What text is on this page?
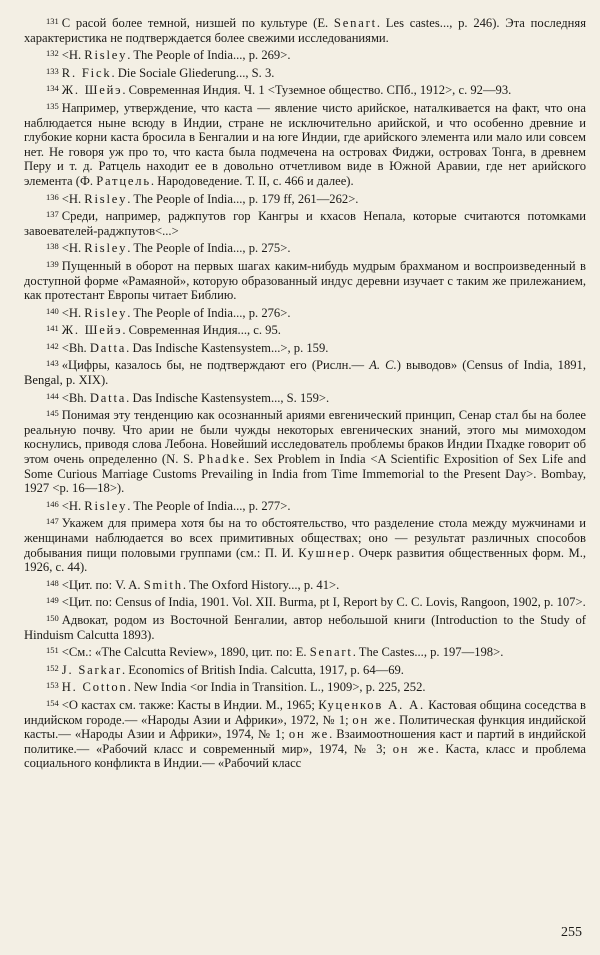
$^{131}$ С расой более темной, низшей по культуре (E. Senart. Les castes..., p. 246). Эта последняя характеристика не подтверждается более свежими исследованиями.

$^{132}$ <H. Risley. The People of India..., p. 269>.

$^{133}$ R. Fick. Die Sociale Gliederung..., S. 3.

$^{134}$ Ж. Шейэ. Современная Индия. Ч. 1 <Туземное общество. СПб., 1912>, с. 92—93.

$^{135}$ Например, утверждение, что каста — явление чисто арийское, наталкивается на факт, что она наблюдается ныне всюду в Индии, стране не исключительно арийской, и что особенно древние и глубокие корни каста бросила в Бенгалии и на юге Индии, где арийского элемента или мало или совсем нет. Не говоря уж про то, что каста была подмечена на островах Фиджи, островах Тонга, в древнем Перу и т. д. Ратцель находит ее в довольно отчетливом виде в Южной Аравии, где нет арийского элемента (Ф. Ратцель. Народоведение. Т. II, с. 466 и далее).

$^{136}$ <H. Risley. The People of India..., p. 179 ff, 261—262>.

$^{137}$ Среди, например, раджпутов гор Кангры и кхасов Непала, которые считаются потомками завоевателей-раджпутов<...>

$^{138}$ <H. Risley. The People of India..., p. 275>.

$^{139}$ Пущенный в оборот на первых шагах каким-нибудь мудрым брахманом и воспроизведенный в доступной форме «Рамаяной», которую образованный индус деревни изучает с таким же прилежанием, как протестант Европы читает Библию.

$^{140}$ <H. Risley. The People of India..., p. 276>.

$^{141}$ Ж. Шейэ. Современная Индия..., с. 95.

$^{142}$ <Bh. Datta. Das Indische Kastensystem...>, p. 159.

$^{143}$ «Цифры, казалось бы, не подтверждают его (Рислн.— А. С.) выводов» (Census of India, 1891, Bengal, p. XIX).

$^{144}$ <Bh. Datta. Das Indische Kastensystem..., S. 159>.

$^{145}$ Понимая эту тенденцию как осознанный ариями евгенический принцип, Сенар стал бы на более реальную почву. Что арии не были чужды некоторых евгенических знаний, этого мы мимоходом коснулись, приводя слова Лебона. Новейший исследователь проблемы браков Индии Пхадке говорит об этом очень определенно (N. S. Phadke. Sex Problem in India <A Scientific Exposition of Sex Life and Some Curious Marriage Customs Prevailing in India from Time Immemorial to the Present Day>. Bombay, 1927 <p. 16—18>).

$^{146}$ <H. Risley. The People of India..., p. 277>.

$^{147}$ Укажем для примера хотя бы на то обстоятельство, что разделение стола между мужчинами и женщинами наблюдается во всех примитивных обществах; оно — результат различных способов добывания пищи половыми группами (см.: П. И. Кушнер. Очерк развития общественных форм. М., 1926, с. 44).

$^{148}$ <Цит. по: V. A. Smith. The Oxford History..., p. 41>.

$^{149}$ <Цит. по: Census of India, 1901. Vol. XII. Burma, pt I, Report by C. C. Lovis, Rangoon, 1902, p. 107>.

$^{150}$ Адвокат, родом из Восточной Бенгалии, автор небольшой книги (Introduction to the Study of Hinduism Calcutta 1893).

$^{151}$ <См.: «The Calcutta Review», 1890, цит. по: E. Senart. The Castes..., p. 197—198>.

$^{152}$ J. Sarkar. Economics of British India. Calcutta, 1917, p. 64—69.

$^{153}$ H. Cotton. New India <or India in Transition. L., 1909>, p. 225, 252.

$^{154}$ <О кастах см. также: Касты в Индии. М., 1965; Куценков А. А. Кастовая община соседства в индийском городе.— «Народы Азии и Африки», 1972, № 1; он же. Политическая функция индийской касты.— «Народы Азии и Африки», 1974, № 1; он же. Взаимоотношения каст и партий в индийской политике.— «Рабочий класс и современный мир», 1974, № 3; он же. Каста, класс и проблема социального конфликта в Индии.— «Рабочий класс

255
